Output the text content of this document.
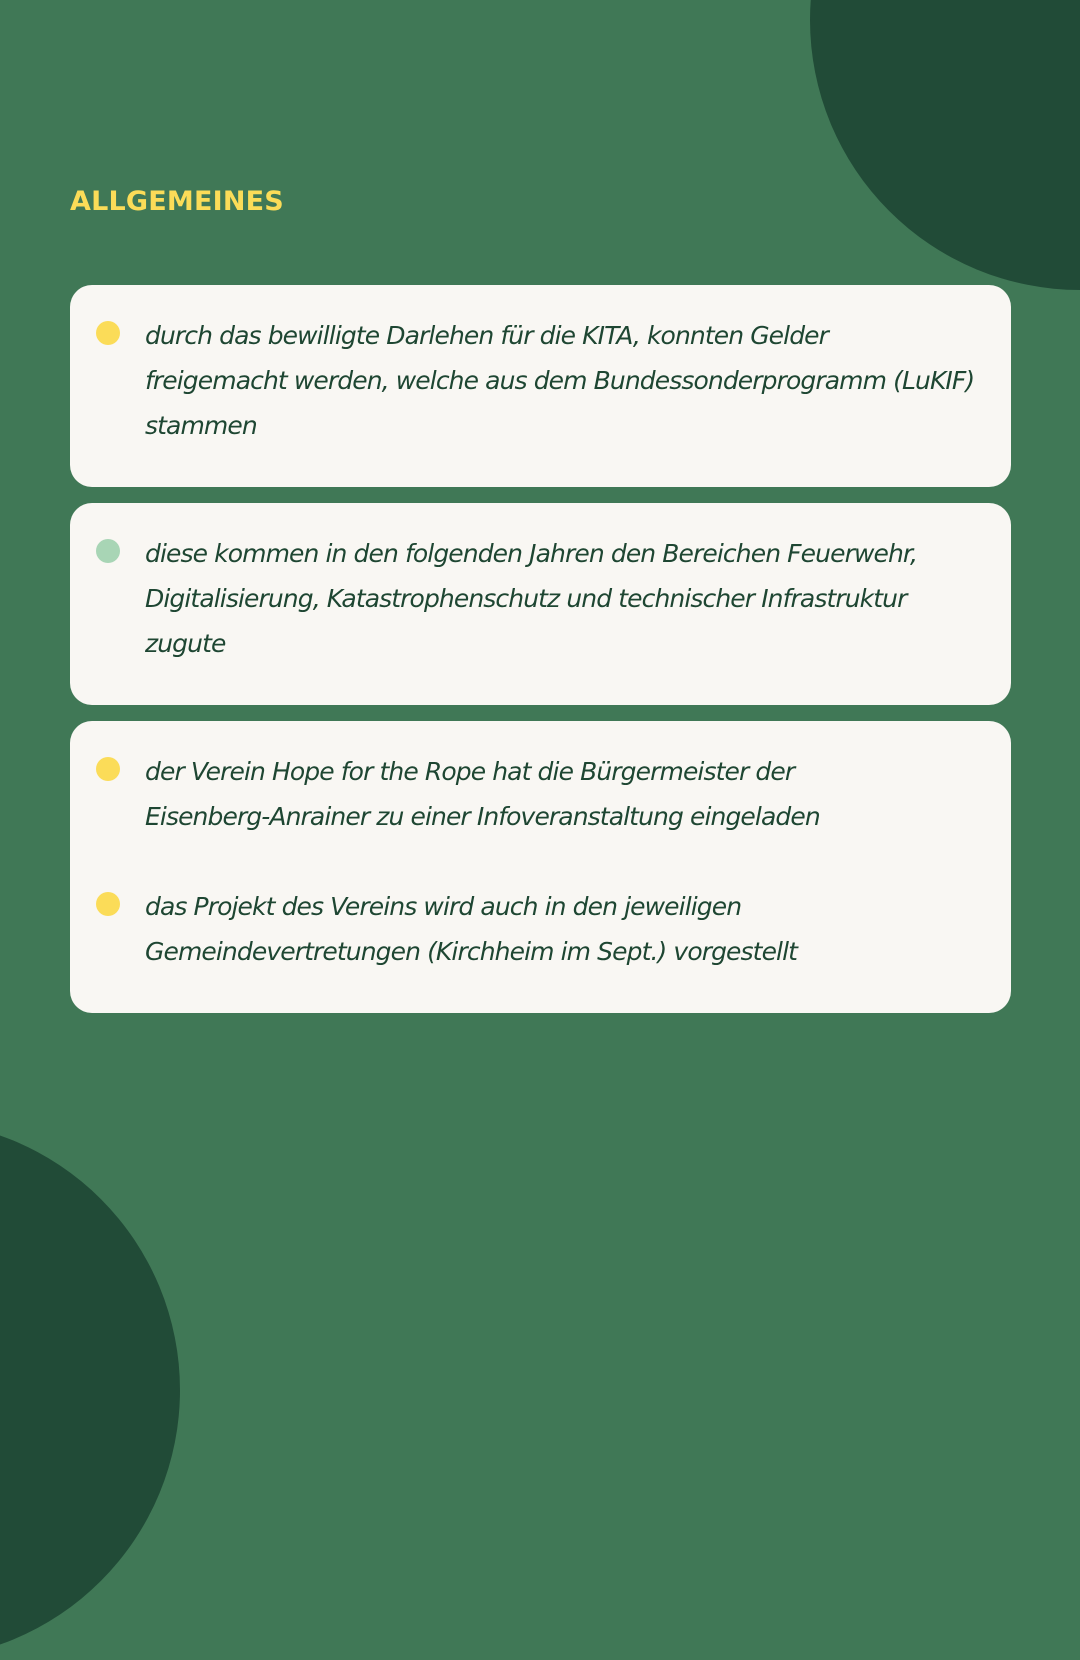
ALLGEMEINES

durch das bewilligte Darlehen für die KITA, konnten Gelder
freigemacht werden, welche aus dem Bundessonderprogramm (LuKIF)
stammen

diese kommen in den folgenden Jahren den Bereichen Feuerwehr,
Digitalisierung, Katastrophenschutz und technischer Infrastruktur
zugute

der Verein Hope for the Rope hat die Bürgermeister der
Eisenberg-Anrainer zu einer Infoveranstaltung eingeladen

das Projekt des Vereins wird auch in den jeweiligen
Gemeindevertretungen (Kirchheim im Sept.) vorgestellt
